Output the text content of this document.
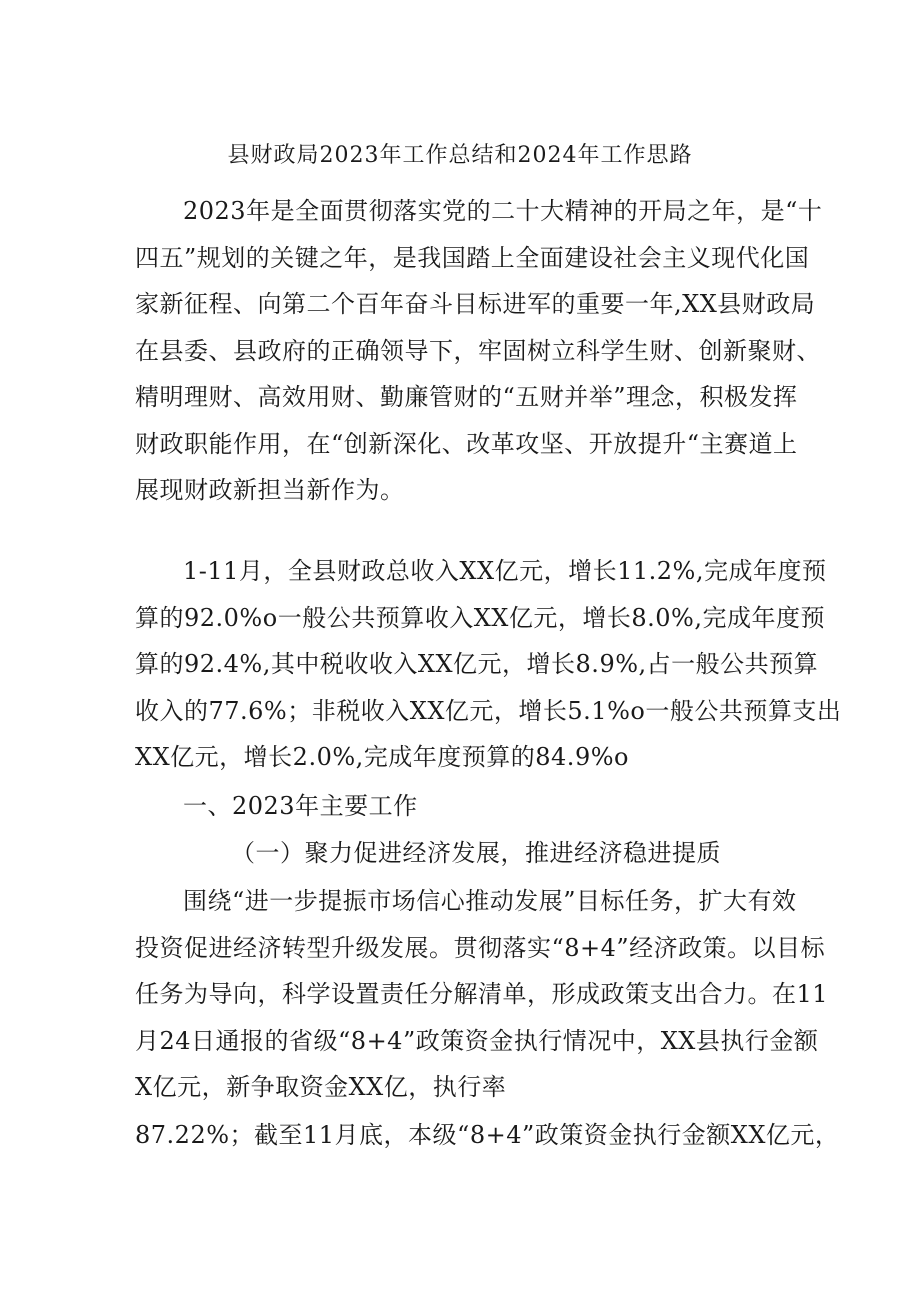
县财政局2023年工作总结和2024年工作思路
2023年是全面贯彻落实党的二十大精神的开局之年，是“十
四五”规划的关键之年，是我国踏上全面建设社会主义现代化国
家新征程、向第二个百年奋斗目标进军的重要一年,XX县财政局
在县委、县政府的正确领导下，牢固树立科学生财、创新聚财、
精明理财、高效用财、勤廉管财的“五财并举”理念，积极发挥
财政职能作用，在“创新深化、改革攻坚、开放提升“主赛道上
展现财政新担当新作为。
1-11月，全县财政总收入XX亿元，增长11.2%,完成年度预
算的92.0%o一般公共预算收入XX亿元，增长8.0%,完成年度预
算的92.4%,其中税收收入XX亿元，增长8.9%,占一般公共预算
收入的77.6%；非税收入XX亿元，增长5.1%o一般公共预算支出
XX亿元，增长2.0%,完成年度预算的84.9%o
一、2023年主要工作
（一）聚力促进经济发展，推进经济稳进提质
围绕“进一步提振市场信心推动发展”目标任务，扩大有效
投资促进经济转型升级发展。贯彻落实“8+4”经济政策。以目标
任务为导向，科学设置责任分解清单，形成政策支出合力。在11
月24日通报的省级“8+4”政策资金执行情况中，XX县执行金额
X亿元，新争取资金XX亿，执行率
87.22%；截至11月底，本级“8+4”政策资金执行金额XX亿元，
